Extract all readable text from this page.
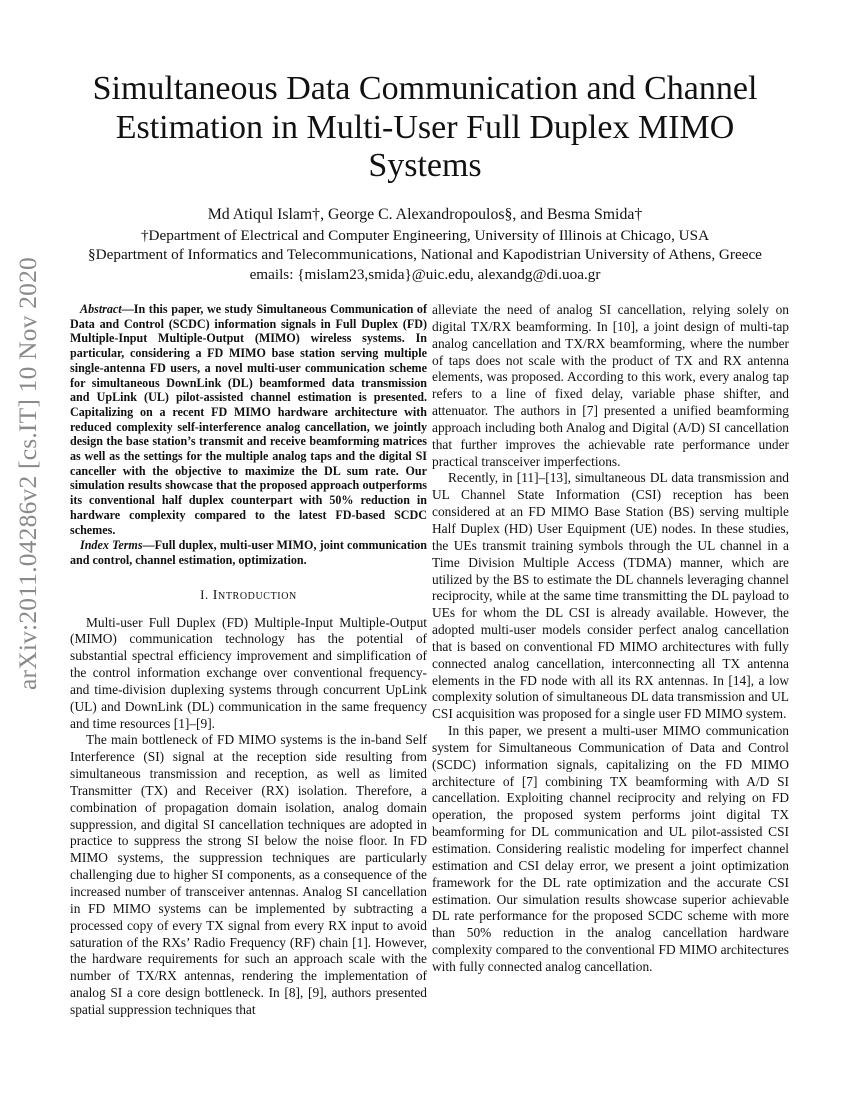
arXiv:2011.04286v2 [cs.IT] 10 Nov 2020
Simultaneous Data Communication and Channel Estimation in Multi-User Full Duplex MIMO Systems

Md Atiqul Islam†, George C. Alexandropoulos§, and Besma Smida†

†Department of Electrical and Computer Engineering, University of Illinois at Chicago, USA

§Department of Informatics and Telecommunications, National and Kapodistrian University of Athens, Greece

emails: {mislam23,smida}@uic.edu, alexandg@di.uoa.gr

Abstract—In this paper, we study Simultaneous Communication of Data and Control (SCDC) information signals in Full Duplex (FD) Multiple-Input Multiple-Output (MIMO) wireless systems. In particular, considering a FD MIMO base station serving multiple single-antenna FD users, a novel multi-user communication scheme for simultaneous DownLink (DL) beamformed data transmission and UpLink (UL) pilot-assisted channel estimation is presented. Capitalizing on a recent FD MIMO hardware architecture with reduced complexity self-interference analog cancellation, we jointly design the base station’s transmit and receive beamforming matrices as well as the settings for the multiple analog taps and the digital SI canceller with the objective to maximize the DL sum rate. Our simulation results showcase that the proposed approach outperforms its conventional half duplex counterpart with 50% reduction in hardware complexity compared to the latest FD-based SCDC schemes.

Index Terms—Full duplex, multi-user MIMO, joint communication and control, channel estimation, optimization.

I. Introduction

Multi-user Full Duplex (FD) Multiple-Input Multiple-Output (MIMO) communication technology has the potential of substantial spectral efficiency improvement and simplification of the control information exchange over conventional frequency- and time-division duplexing systems through concurrent UpLink (UL) and DownLink (DL) communication in the same frequency and time resources [1]–[9].

The main bottleneck of FD MIMO systems is the in-band Self Interference (SI) signal at the reception side resulting from simultaneous transmission and reception, as well as limited Transmitter (TX) and Receiver (RX) isolation. Therefore, a combination of propagation domain isolation, analog domain suppression, and digital SI cancellation techniques are adopted in practice to suppress the strong SI below the noise floor. In FD MIMO systems, the suppression techniques are particularly challenging due to higher SI components, as a consequence of the increased number of transceiver antennas. Analog SI cancellation in FD MIMO systems can be implemented by subtracting a processed copy of every TX signal from every RX input to avoid saturation of the RXs’ Radio Frequency (RF) chain [1]. However, the hardware requirements for such an approach scale with the number of TX/RX antennas, rendering the implementation of analog SI a core design bottleneck. In [8], [9], authors presented spatial suppression techniques that

alleviate the need of analog SI cancellation, relying solely on digital TX/RX beamforming. In [10], a joint design of multi-tap analog cancellation and TX/RX beamforming, where the number of taps does not scale with the product of TX and RX antenna elements, was proposed. According to this work, every analog tap refers to a line of fixed delay, variable phase shifter, and attenuator. The authors in [7] presented a unified beamforming approach including both Analog and Digital (A/D) SI cancellation that further improves the achievable rate performance under practical transceiver imperfections.

Recently, in [11]–[13], simultaneous DL data transmission and UL Channel State Information (CSI) reception has been considered at an FD MIMO Base Station (BS) serving multiple Half Duplex (HD) User Equipment (UE) nodes. In these studies, the UEs transmit training symbols through the UL channel in a Time Division Multiple Access (TDMA) manner, which are utilized by the BS to estimate the DL channels leveraging channel reciprocity, while at the same time transmitting the DL payload to UEs for whom the DL CSI is already available. However, the adopted multi-user models consider perfect analog cancellation that is based on conventional FD MIMO architectures with fully connected analog cancellation, interconnecting all TX antenna elements in the FD node with all its RX antennas. In [14], a low complexity solution of simultaneous DL data transmission and UL CSI acquisition was proposed for a single user FD MIMO system.

In this paper, we present a multi-user MIMO communication system for Simultaneous Communication of Data and Control (SCDC) information signals, capitalizing on the FD MIMO architecture of [7] combining TX beamforming with A/D SI cancellation. Exploiting channel reciprocity and relying on FD operation, the proposed system performs joint digital TX beamforming for DL communication and UL pilot-assisted CSI estimation. Considering realistic modeling for imperfect channel estimation and CSI delay error, we present a joint optimization framework for the DL rate optimization and the accurate CSI estimation. Our simulation results showcase superior achievable DL rate performance for the proposed SCDC scheme with more than 50% reduction in the analog cancellation hardware complexity compared to the conventional FD MIMO architectures with fully connected analog cancellation.
